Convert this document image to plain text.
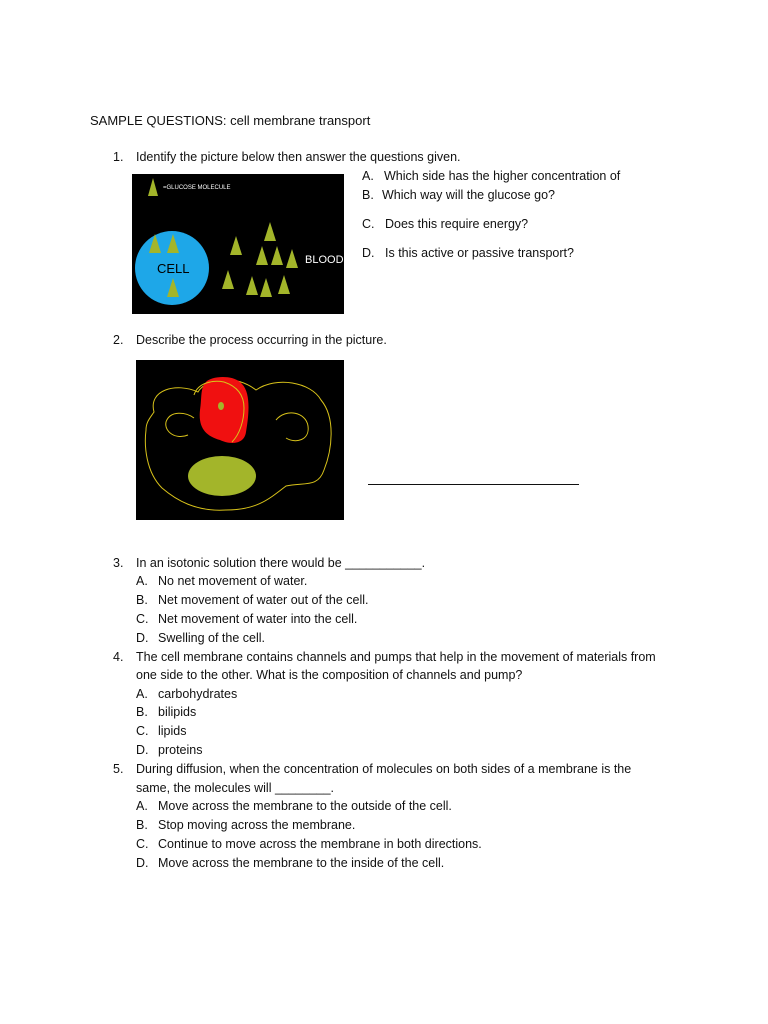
SAMPLE QUESTIONS: cell membrane transport
1. Identify the picture below then answer the questions given.
=GLUCOSE MOLECULE
CELL
BLOOD
A. Which side has the higher concentration of
B. Which way will the glucose go?
C. Does this require energy?
D. Is this active or passive transport?
2. Describe the process occurring in the picture.
3. In an isotonic solution there would be ___________.
A. No net movement of water.
B. Net movement of water out of the cell.
C. Net movement of water into the cell.
D. Swelling of the cell.
4. The cell membrane contains channels and pumps that help in the movement of materials from
one side to the other. What is the composition of channels and pump?
A. carbohydrates
B. bilipids
C. lipids
D. proteins
5. During diffusion, when the concentration of molecules on both sides of a membrane is the
same, the molecules will ________.
A. Move across the membrane to the outside of the cell.
B. Stop moving across the membrane.
C. Continue to move across the membrane in both directions.
D. Move across the membrane to the inside of the cell.
